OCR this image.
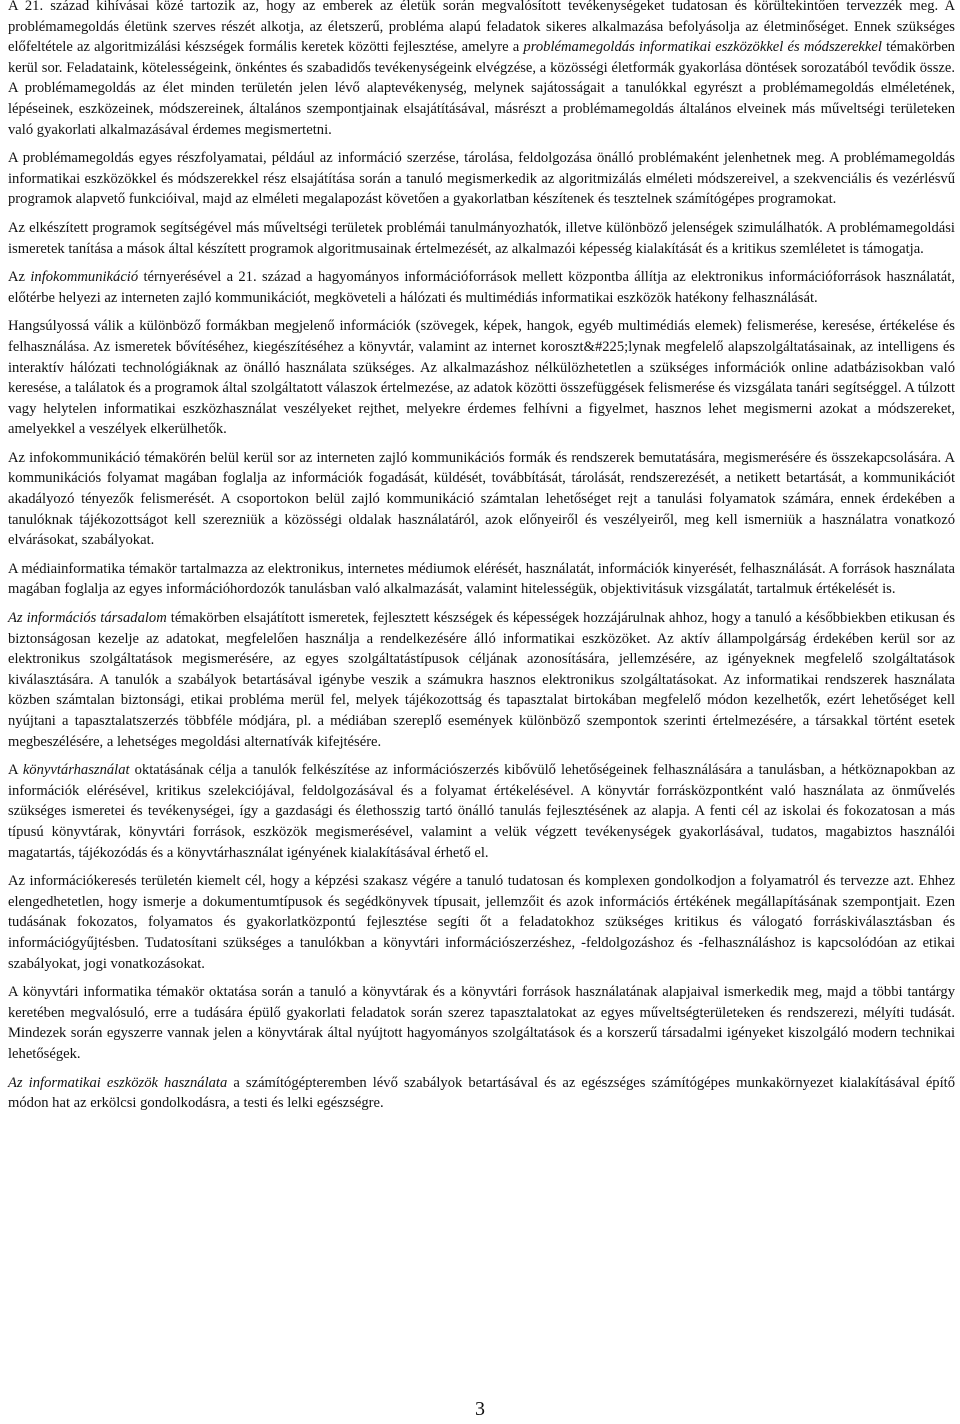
A 21. század kihívásai közé tartozik az, hogy az emberek az életük során megvalósított tevékenységeket tudatosan és körültekintően tervezzék meg. A problémamegoldás életünk szerves részét alkotja, az életszerű, probléma alapú feladatok sikeres alkalmazása befolyásolja az életminőséget. Ennek szükséges előfeltétele az algoritmizálási készségek formális keretek közötti fejlesztése, amelyre a problémamegoldás informatikai eszközökkel és módszerekkel témakörben kerül sor. Feladataink, kötelességeink, önkéntes és szabadidős tevékenységeink elvégzése, a közösségi életformák gyakorlása döntések sorozatából tevődik össze. A problémamegoldás az élet minden területén jelen lévő alaptevékenység, melynek sajátosságait a tanulókkal egyrészt a problémamegoldás elméletének, lépéseinek, eszközeinek, módszereinek, általános szempontjainak elsajátításával, másrészt a problémamegoldás általános elveinek más műveltségi területeken való gyakorlati alkalmazásával érdemes megismertetni.

A problémamegoldás egyes részfolyamatai, például az információ szerzése, tárolása, feldolgozása önálló problémaként jelenhetnek meg. A problémamegoldás informatikai eszközökkel és módszerekkel rész elsajátítása során a tanuló megismerkedik az algoritmizálás elméleti módszereivel, a szekvenciális és vezérlésvű programok alapvető funkcióival, majd az elméleti megalapozást követően a gyakorlatban készítenek és tesztelnek számítógépes programokat.

Az elkészített programok segítségével más műveltségi területek problémái tanulmányozhatók, illetve különböző jelenségek szimulálhatók. A problémamegoldási ismeretek tanítása a mások által készített programok algoritmusainak értelmezését, az alkalmazói képesség kialakítását és a kritikus szemléletet is támogatja.

Az infokommunikáció térnyerésével a 21. század a hagyományos információforrások mellett központba állítja az elektronikus információforrások használatát, előtérbe helyezi az interneten zajló kommunikációt, megköveteli a hálózati és multimédiás informatikai eszközök hatékony felhasználását.

Hangsúlyossá válik a különböző formákban megjelenő információk (szövegek, képek, hangok, egyéb multimédiás elemek) felismerése, keresése, értékelése és felhasználása. Az ismeretek bővítéséhez, kiegészítéséhez a könyvtár, valamint az internet koroszt&#225;lynak megfelelő alapszolgáltatásainak, az intelligens és interaktív hálózati technológiáknak az önálló használata szükséges. Az alkalmazáshoz nélkülözhetetlen a szükséges információk online adatbázisokban való keresése, a találatok és a programok által szolgáltatott válaszok értelmezése, az adatok közötti összefüggések felismerése és vizsgálata tanári segítséggel. A túlzott vagy helytelen informatikai eszközhasználat veszélyeket rejthet, melyekre érdemes felhívni a figyelmet, hasznos lehet megismerni azokat a módszereket, amelyekkel a veszélyek elkerülhetők.

Az infokommunikáció témakörén belül kerül sor az interneten zajló kommunikációs formák és rendszerek bemutatására, megismerésére és összekapcsolására. A kommunikációs folyamat magában foglalja az információk fogadását, küldését, továbbítását, tárolását, rendszerezését, a netikett betartását, a kommunikációt akadályozó tényezők felismerését. A csoportokon belül zajló kommunikáció számtalan lehetőséget rejt a tanulási folyamatok számára, ennek érdekében a tanulóknak tájékozottságot kell szerezniük a közösségi oldalak használatáról, azok előnyeiről és veszélyeiről, meg kell ismerniük a használatra vonatkozó elvárásokat, szabályokat.

A médiainformatika témakör tartalmazza az elektronikus, internetes médiumok elérését, használatát, információk kinyerését, felhasználását. A források használata magában foglalja az egyes információhordozók tanulásban való alkalmazását, valamint hitelességük, objektivitásuk vizsgálatát, tartalmuk értékelését is.

Az információs társadalom témakörben elsajátított ismeretek, fejlesztett készségek és képességek hozzájárulnak ahhoz, hogy a tanuló a későbbiekben etikusan és biztonságosan kezelje az adatokat, megfelelően használja a rendelkezésére álló informatikai eszközöket. Az aktív állampolgárság érdekében kerül sor az elektronikus szolgáltatások megismerésére, az egyes szolgáltatástípusok céljának azonosítására, jellemzésére, az igényeknek megfelelő szolgáltatások kiválasztására. A tanulók a szabályok betartásával igénybe veszik a számukra hasznos elektronikus szolgáltatásokat. Az informatikai rendszerek használata közben számtalan biztonsági, etikai probléma merül fel, melyek tájékozottság és tapasztalat birtokában megfelelő módon kezelhetők, ezért lehetőséget kell nyújtani a tapasztalatszerzés többféle módjára, pl. a médiában szereplő események különböző szempontok szerinti értelmezésére, a társakkal történt esetek megbeszélésére, a lehetséges megoldási alternatívák kifejtésére.

A könyvtárhasználat oktatásának célja a tanulók felkészítése az információszerzés kibővülő lehetőségeinek felhasználására a tanulásban, a hétköznapokban az információk elérésével, kritikus szelekciójával, feldolgozásával és a folyamat értékelésével. A könyvtár forrásközpontként való használata az önművelés szükséges ismeretei és tevékenységei, így a gazdasági és élethosszig tartó önálló tanulás fejlesztésének az alapja. A fenti cél az iskolai és fokozatosan a más típusú könyvtárak, könyvtári források, eszközök megismerésével, valamint a velük végzett tevékenységek gyakorlásával, tudatos, magabiztos használói magatartás, tájékozódás és a könyvtárhasználat igényének kialakításával érhető el.

Az információkeresés területén kiemelt cél, hogy a képzési szakasz végére a tanuló tudatosan és komplexen gondolkodjon a folyamatról és tervezze azt. Ehhez elengedhetetlen, hogy ismerje a dokumentumtípusok és segédkönyvek típusait, jellemzőit és azok információs értékének megállapításának szempontjait. Ezen tudásának fokozatos, folyamatos és gyakorlatközpontú fejlesztése segíti őt a feladatokhoz szükséges kritikus és válogató forráskiválasztásban és információgyűjtésben. Tudatosítani szükséges a tanulókban a könyvtári információszerzéshez, -feldolgozáshoz és -felhasználáshoz is kapcsolódóan az etikai szabályokat, jogi vonatkozásokat.

A könyvtári informatika témakör oktatása során a tanuló a könyvtárak és a könyvtári források használatának alapjaival ismerkedik meg, majd a többi tantárgy keretében megvalósuló, erre a tudására épülő gyakorlati feladatok során szerez tapasztalatokat az egyes műveltségterületeken és rendszerezi, mélyíti tudását. Mindezek során egyszerre vannak jelen a könyvtárak által nyújtott hagyományos szolgáltatások és a korszerű társadalmi igényeket kiszolgáló modern technikai lehetőségek.

Az informatikai eszközök használata a számítógépteremben lévő szabályok betartásával és az egészséges számítógépes munkakörnyezet kialakításával építő módon hat az erkölcsi gondolkodásra, a testi és lelki egészségre.

3
